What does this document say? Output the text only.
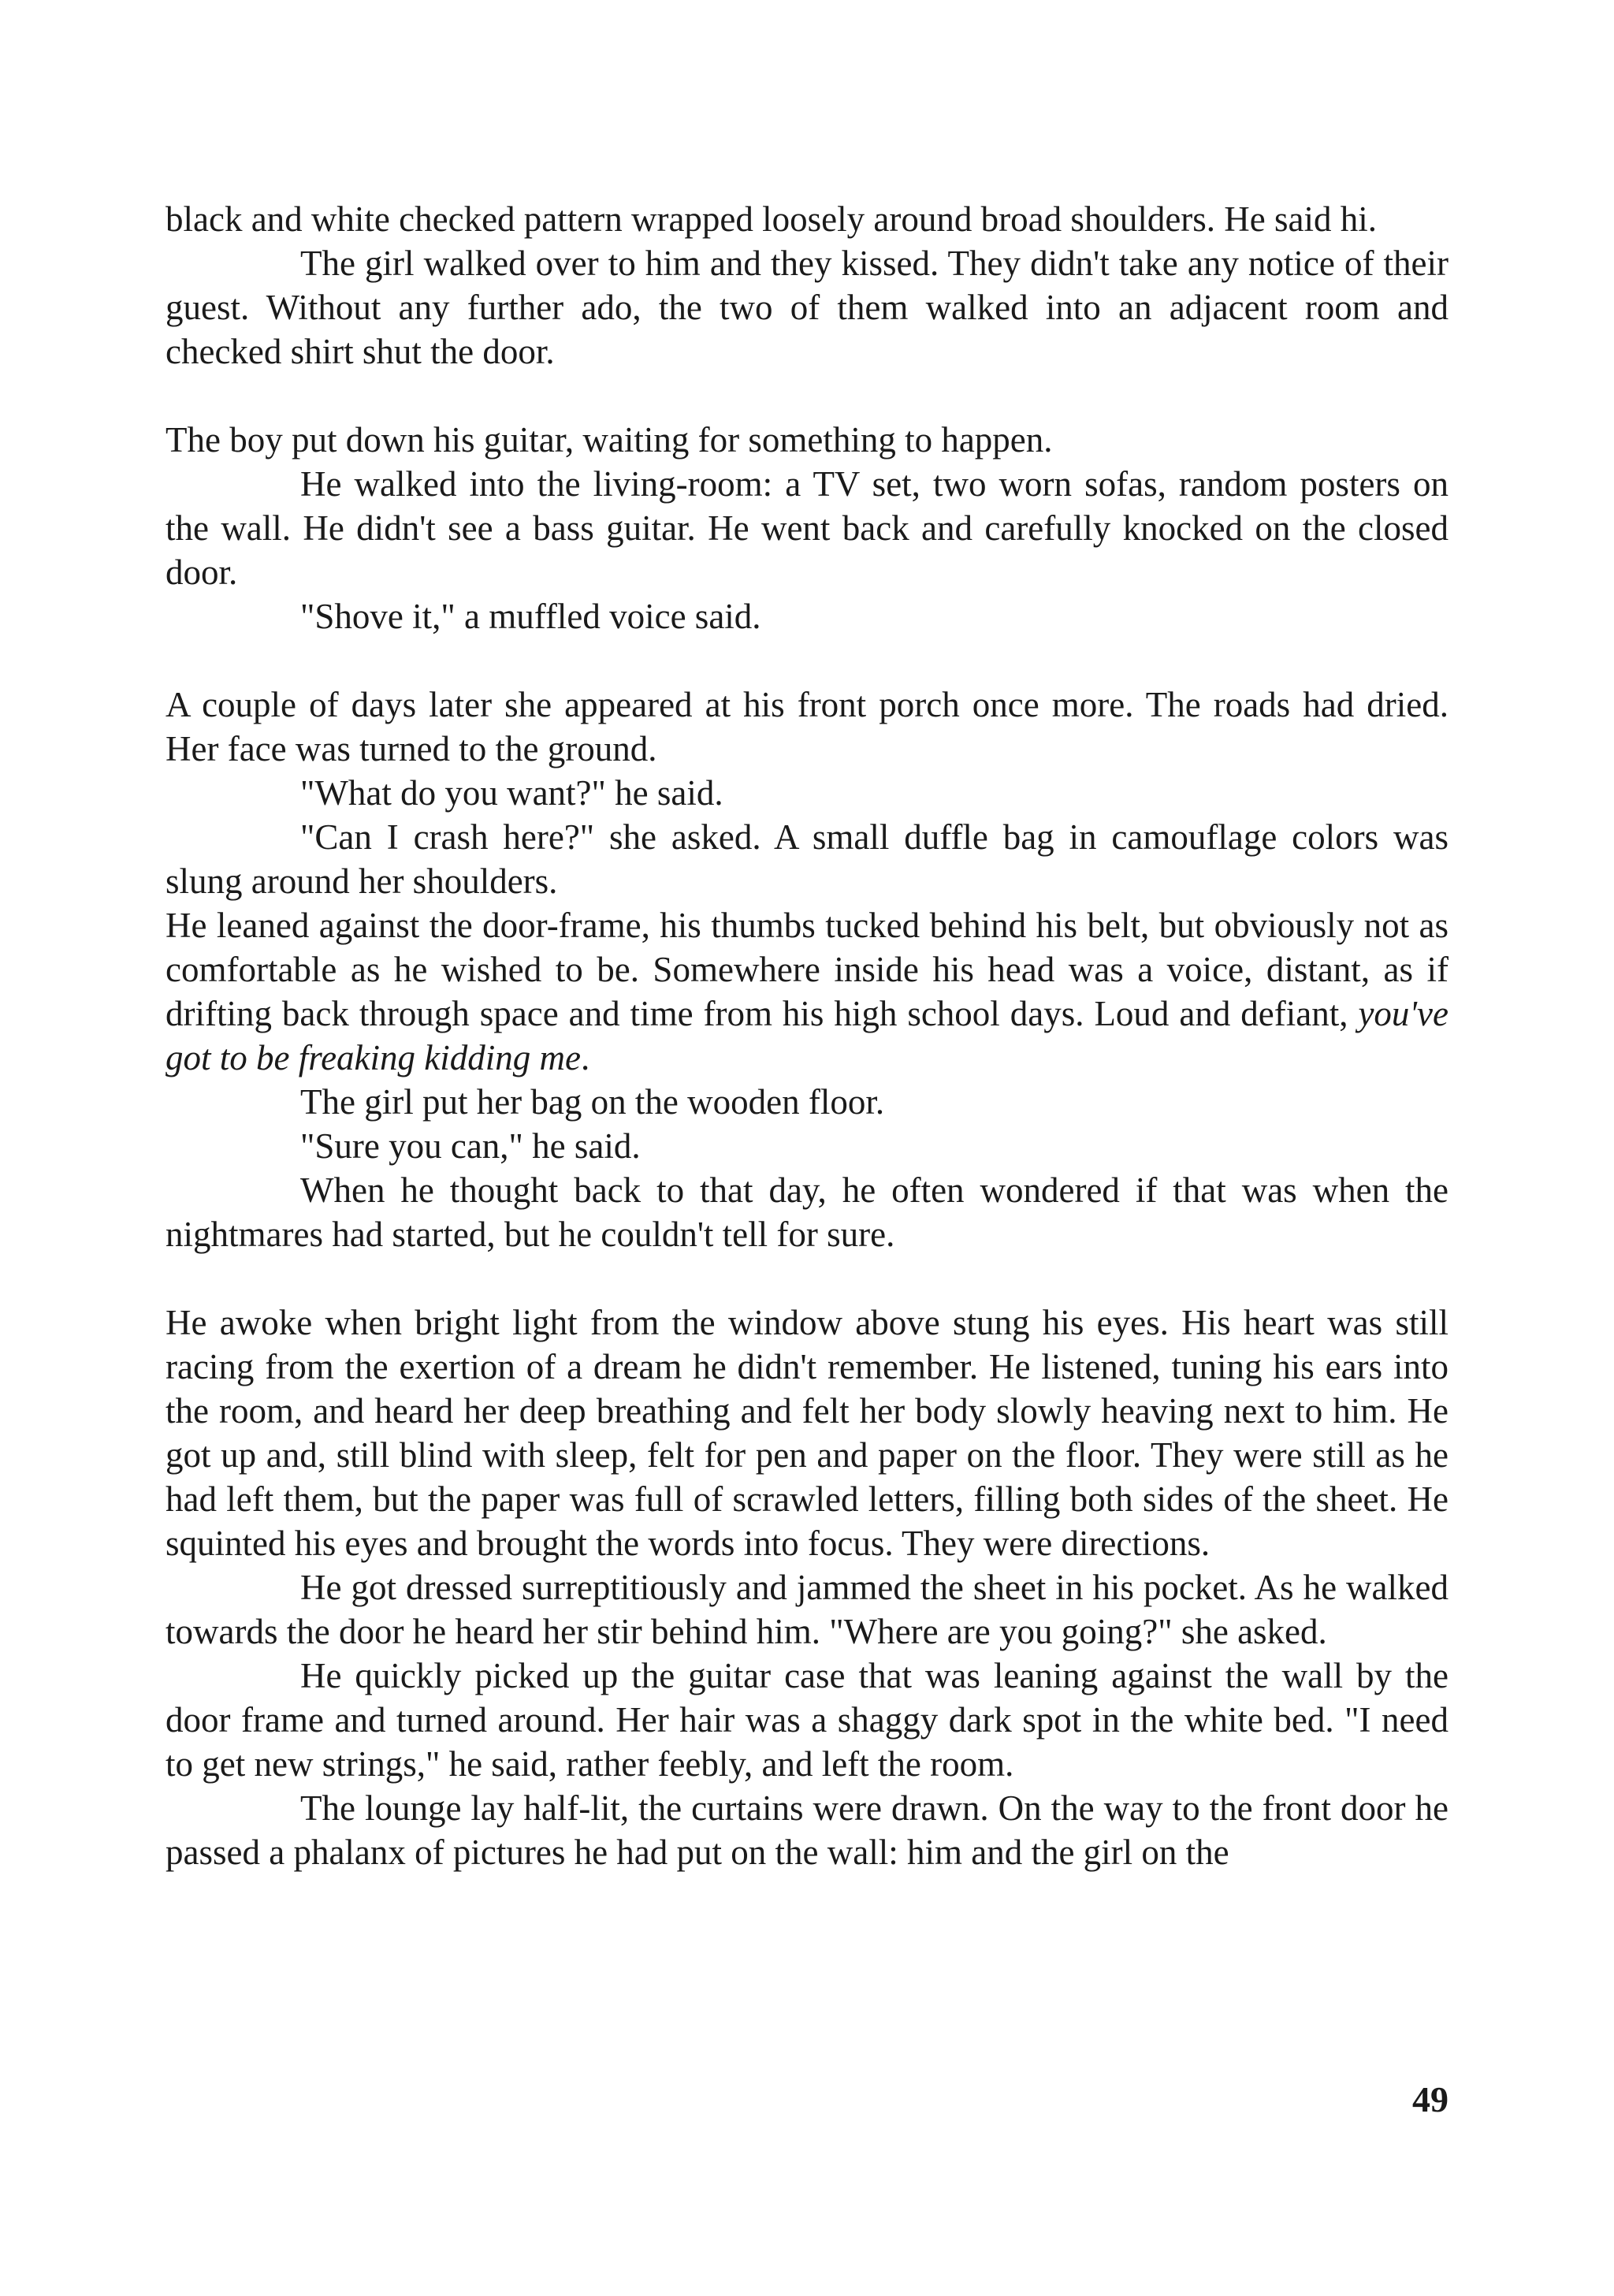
black and white checked pattern wrapped loosely around broad shoulders. He said hi.

The girl walked over to him and they kissed. They didn't take any notice of their guest. Without any further ado, the two of them walked into an adjacent room and checked shirt shut the door.

The boy put down his guitar, waiting for something to happen.

He walked into the living-room: a TV set, two worn sofas, random posters on the wall. He didn't see a bass guitar. He went back and carefully knocked on the closed door.

"Shove it," a muffled voice said.

A couple of days later she appeared at his front porch once more. The roads had dried. Her face was turned to the ground.

"What do you want?" he said.

"Can I crash here?" she asked. A small duffle bag in camouflage colors was slung around her shoulders.

He leaned against the door-frame, his thumbs tucked behind his belt, but obviously not as comfortable as he wished to be. Somewhere inside his head was a voice, distant, as if drifting back through space and time from his high school days. Loud and defiant, you've got to be freaking kidding me.

The girl put her bag on the wooden floor.

"Sure you can," he said.

When he thought back to that day, he often wondered if that was when the nightmares had started, but he couldn't tell for sure.

He awoke when bright light from the window above stung his eyes. His heart was still racing from the exertion of a dream he didn't remember. He listened, tuning his ears into the room, and heard her deep breathing and felt her body slowly heaving next to him. He got up and, still blind with sleep, felt for pen and paper on the floor. They were still as he had left them, but the paper was full of scrawled letters, filling both sides of the sheet. He squinted his eyes and brought the words into focus. They were directions.

He got dressed surreptitiously and jammed the sheet in his pocket. As he walked towards the door he heard her stir behind him. "Where are you going?" she asked.

He quickly picked up the guitar case that was leaning against the wall by the door frame and turned around. Her hair was a shaggy dark spot in the white bed. "I need to get new strings," he said, rather feebly, and left the room.

The lounge lay half-lit, the curtains were drawn. On the way to the front door he passed a phalanx of pictures he had put on the wall: him and the girl on the

49
